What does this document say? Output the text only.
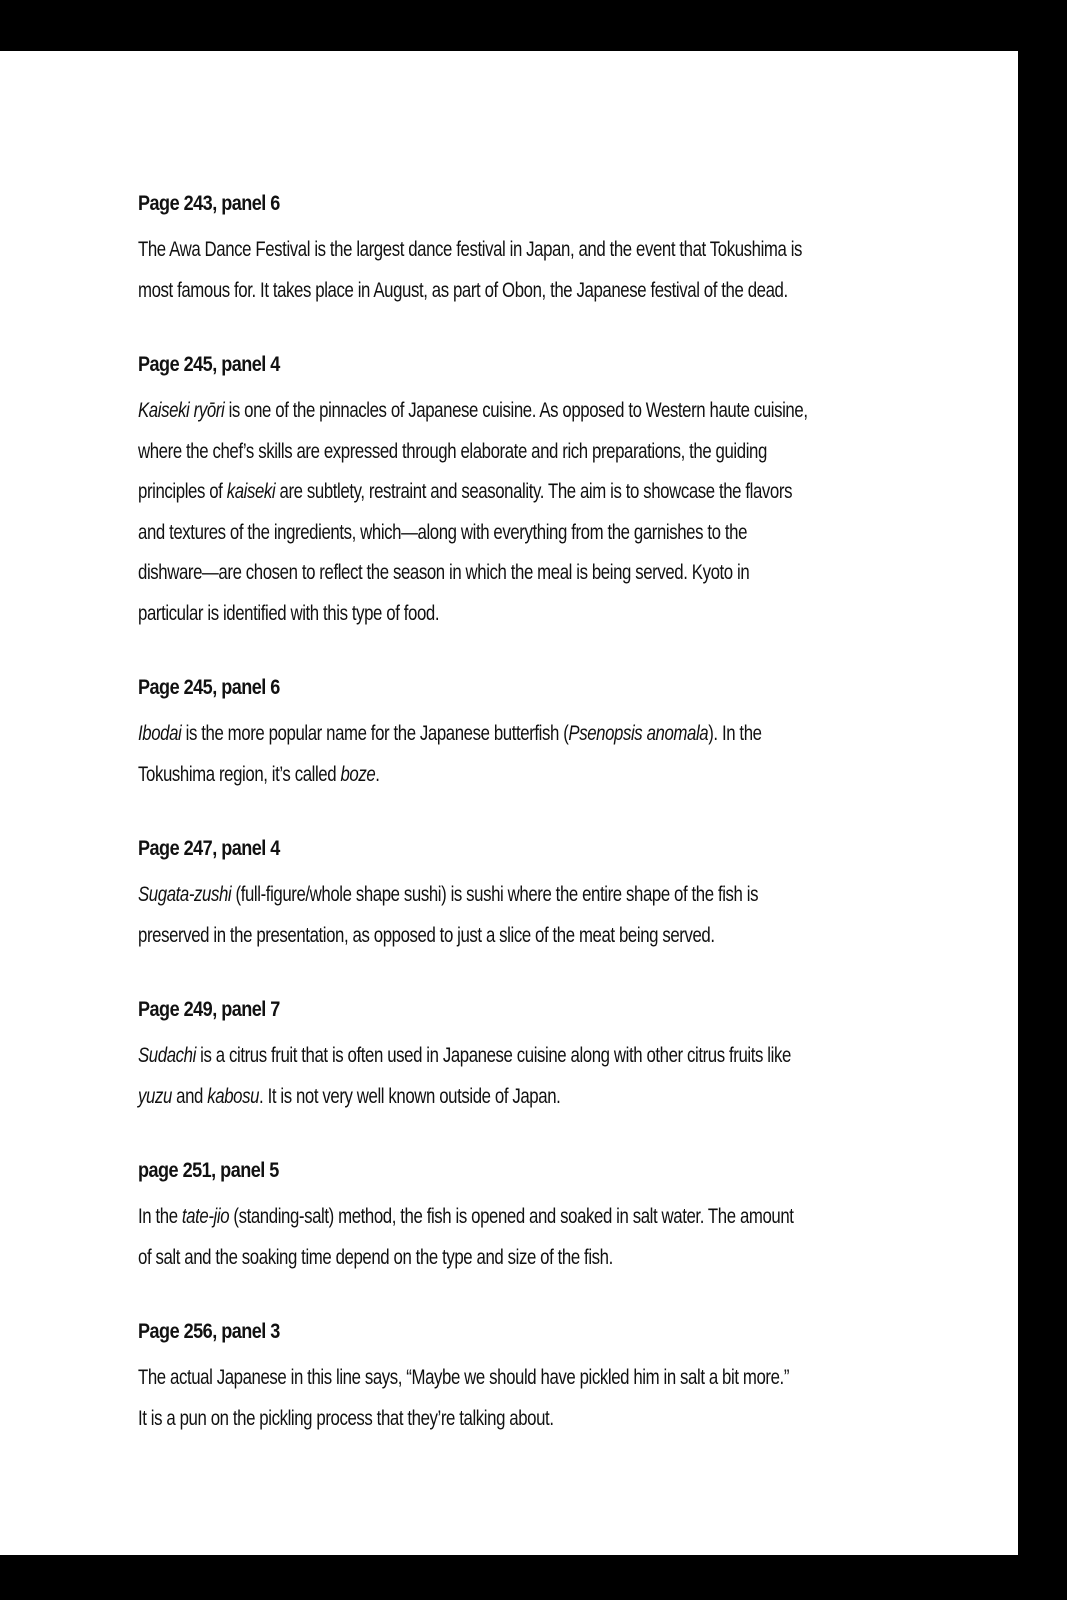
Page 243, panel 6
The Awa Dance Festival is the largest dance festival in Japan, and the event that Tokushima is
most famous for. It takes place in August, as part of Obon, the Japanese festival of the dead.
Page 245, panel 4
Kaiseki ryōri is one of the pinnacles of Japanese cuisine. As opposed to Western haute cuisine,
where the chef’s skills are expressed through elaborate and rich preparations, the guiding
principles of kaiseki are subtlety, restraint and seasonality. The aim is to showcase the flavors
and textures of the ingredients, which—along with everything from the garnishes to the
dishware—are chosen to reflect the season in which the meal is being served. Kyoto in
particular is identified with this type of food.
Page 245, panel 6
Ibodai is the more popular name for the Japanese butterfish (Psenopsis anomala). In the
Tokushima region, it’s called boze.
Page 247, panel 4
Sugata-zushi (full-figure/whole shape sushi) is sushi where the entire shape of the fish is
preserved in the presentation, as opposed to just a slice of the meat being served.
Page 249, panel 7
Sudachi is a citrus fruit that is often used in Japanese cuisine along with other citrus fruits like
yuzu and kabosu. It is not very well known outside of Japan.
page 251, panel 5
In the tate-jio (standing-salt) method, the fish is opened and soaked in salt water. The amount
of salt and the soaking time depend on the type and size of the fish.
Page 256, panel 3
The actual Japanese in this line says, “Maybe we should have pickled him in salt a bit more.”
It is a pun on the pickling process that they’re talking about.
